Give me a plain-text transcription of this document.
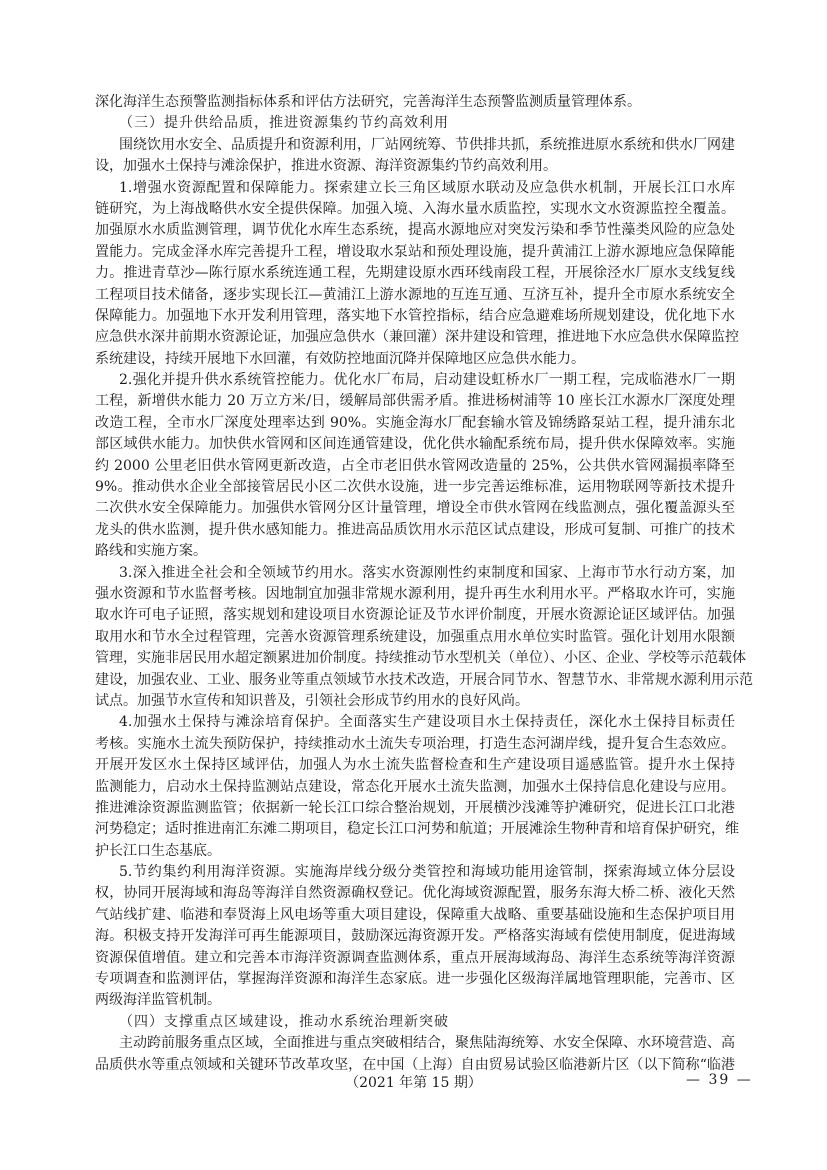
深化海洋生态预警监测指标体系和评估方法研究，完善海洋生态预警监测质量管理体系。
（三）提升供给品质，推进资源集约节约高效利用
围绕饮用水安全、品质提升和资源利用，厂站网统筹、节供排共抓，系统推进原水系统和供水厂网建
设，加强水土保持与滩涂保护，推进水资源、海洋资源集约节约高效利用。
1.增强水资源配置和保障能力。探索建立长三角区域原水联动及应急供水机制，开展长江口水库
链研究，为上海战略供水安全提供保障。加强入境、入海水量水质监控，实现水文水资源监控全覆盖。
加强原水水质监测管理，调节优化水库生态系统，提高水源地应对突发污染和季节性藻类风险的应急处
置能力。完成金泽水库完善提升工程，增设取水泵站和预处理设施，提升黄浦江上游水源地应急保障能
力。推进青草沙—陈行原水系统连通工程，先期建设原水西环线南段工程，开展徐泾水厂原水支线复线
工程项目技术储备，逐步实现长江—黄浦江上游水源地的互连互通、互济互补，提升全市原水系统安全
保障能力。加强地下水开发利用管理，落实地下水管控指标，结合应急避难场所规划建设，优化地下水
应急供水深井前期水资源论证，加强应急供水（兼回灌）深井建设和管理，推进地下水应急供水保障监控
系统建设，持续开展地下水回灌，有效防控地面沉降并保障地区应急供水能力。
2.强化并提升供水系统管控能力。优化水厂布局，启动建设虹桥水厂一期工程，完成临港水厂一期
工程，新增供水能力 20 万立方米/日，缓解局部供需矛盾。推进杨树浦等 10 座长江水源水厂深度处理
改造工程，全市水厂深度处理率达到 90%。实施金海水厂配套输水管及锦绣路泵站工程，提升浦东北
部区域供水能力。加快供水管网和区间连通管建设，优化供水输配系统布局，提升供水保障效率。实施
约 2000 公里老旧供水管网更新改造，占全市老旧供水管网改造量的 25%，公共供水管网漏损率降至
9%。推动供水企业全部接管居民小区二次供水设施，进一步完善运维标准，运用物联网等新技术提升
二次供水安全保障能力。加强供水管网分区计量管理，增设全市供水管网在线监测点，强化覆盖源头至
龙头的供水监测，提升供水感知能力。推进高品质饮用水示范区试点建设，形成可复制、可推广的技术
路线和实施方案。
3.深入推进全社会和全领域节约用水。落实水资源刚性约束制度和国家、上海市节水行动方案，加
强水资源和节水监督考核。因地制宜加强非常规水源利用，提升再生水利用水平。严格取水许可，实施
取水许可电子证照，落实规划和建设项目水资源论证及节水评价制度，开展水资源论证区域评估。加强
取用水和节水全过程管理，完善水资源管理系统建设，加强重点用水单位实时监管。强化计划用水限额
管理，实施非居民用水超定额累进加价制度。持续推动节水型机关（单位）、小区、企业、学校等示范载体
建设，加强农业、工业、服务业等重点领域节水技术改造，开展合同节水、智慧节水、非常规水源利用示范
试点。加强节水宣传和知识普及，引领社会形成节约用水的良好风尚。
4.加强水土保持与滩涂培育保护。全面落实生产建设项目水土保持责任，深化水土保持目标责任
考核。实施水土流失预防保护，持续推动水土流失专项治理，打造生态河湖岸线，提升复合生态效应。
开展开发区水土保持区域评估，加强人为水土流失监督检查和生产建设项目遥感监管。提升水土保持
监测能力，启动水土保持监测站点建设，常态化开展水土流失监测，加强水土保持信息化建设与应用。
推进滩涂资源监测监管；依据新一轮长江口综合整治规划，开展横沙浅滩等护滩研究，促进长江口北港
河势稳定；适时推进南汇东滩二期项目，稳定长江口河势和航道；开展滩涂生物种青和培育保护研究，维
护长江口生态基底。
5.节约集约利用海洋资源。实施海岸线分级分类管控和海域功能用途管制，探索海域立体分层设
权，协同开展海域和海岛等海洋自然资源确权登记。优化海域资源配置，服务东海大桥二桥、液化天然
气站线扩建、临港和奉贤海上风电场等重大项目建设，保障重大战略、重要基础设施和生态保护项目用
海。积极支持开发海洋可再生能源项目，鼓励深远海资源开发。严格落实海域有偿使用制度，促进海域
资源保值增值。建立和完善本市海洋资源调查监测体系，重点开展海域海岛、海洋生态系统等海洋资源
专项调查和监测评估，掌握海洋资源和海洋生态家底。进一步强化区级海洋属地管理职能，完善市、区
两级海洋监管机制。
（四）支撑重点区域建设，推动水系统治理新突破
主动跨前服务重点区域，全面推进与重点突破相结合，聚焦陆海统筹、水安全保障、水环境营造、高
品质供水等重点领域和关键环节改革攻坚，在中国（上海）自由贸易试验区临港新片区（以下简称“临港
（2021 年第 15 期）	— 39 —
